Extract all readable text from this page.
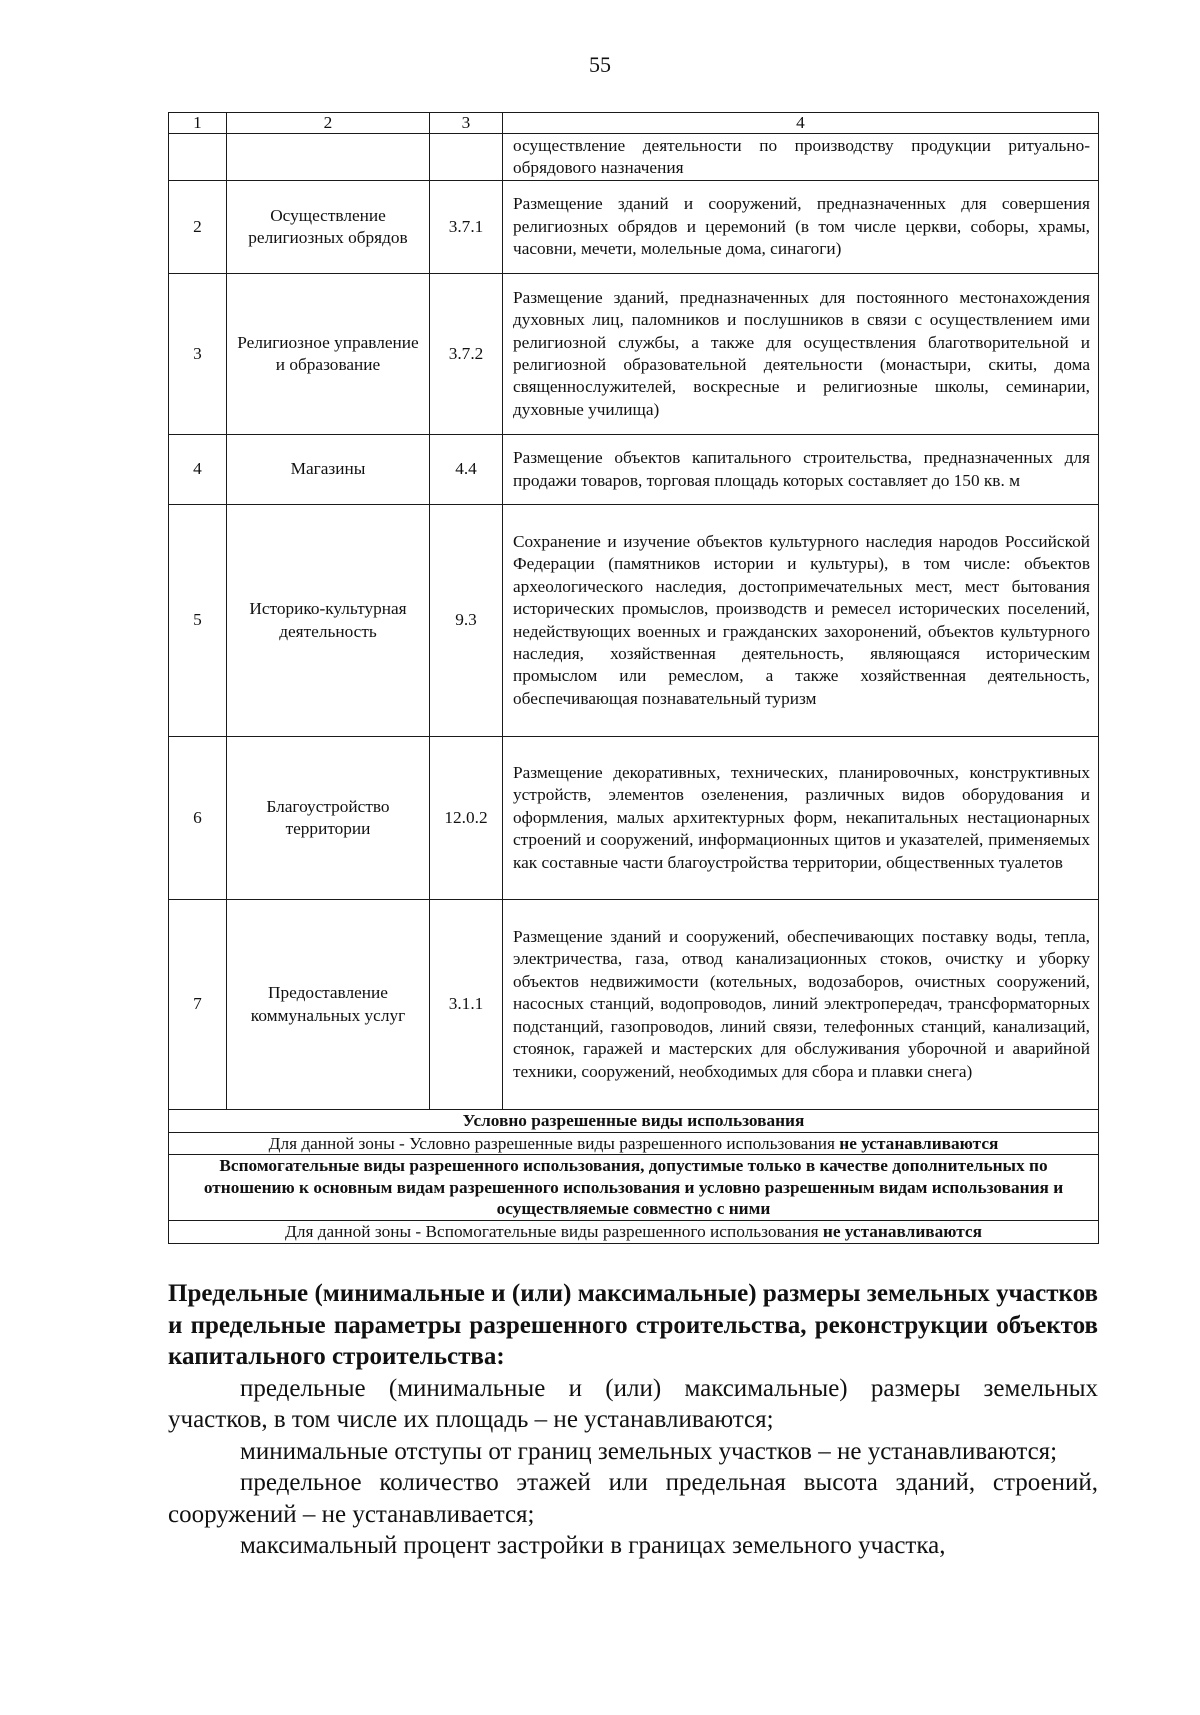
55
1	2	3	4
			осуществление деятельности по производству продукции ритуально-обрядового назначения
2	Осуществление религиозных обрядов	3.7.1	Размещение зданий и сооружений, предназначенных для совершения религиозных обрядов и церемоний (в том числе церкви, соборы, храмы, часовни, мечети, молельные дома, синагоги)
3	Религиозное управление и образование	3.7.2	Размещение зданий, предназначенных для постоянного местонахождения духовных лиц, паломников и послушников в связи с осуществлением ими религиозной службы, а также для осуществления благотворительной и религиозной образовательной деятельности (монастыри, скиты, дома священнослужителей, воскресные и религиозные школы, семинарии, духовные училища)
4	Магазины	4.4	Размещение объектов капитального строительства, предназначенных для продажи товаров, торговая площадь которых составляет до 150 кв. м
5	Историко-культурная деятельность	9.3	Сохранение и изучение объектов культурного наследия народов Российской Федерации (памятников истории и культуры), в том числе: объектов археологического наследия, достопримечательных мест, мест бытования исторических промыслов, производств и ремесел исторических поселений, недействующих военных и гражданских захоронений, объектов культурного наследия, хозяйственная деятельность, являющаяся историческим промыслом или ремеслом, а также хозяйственная деятельность, обеспечивающая познавательный туризм
6	Благоустройство территории	12.0.2	Размещение декоративных, технических, планировочных, конструктивных устройств, элементов озеленения, различных видов оборудования и оформления, малых архитектурных форм, некапитальных нестационарных строений и сооружений, информационных щитов и указателей, применяемых как составные части благоустройства территории, общественных туалетов
7	Предоставление коммунальных услуг	3.1.1	Размещение зданий и сооружений, обеспечивающих поставку воды, тепла, электричества, газа, отвод канализационных стоков, очистку и уборку объектов недвижимости (котельных, водозаборов, очистных сооружений, насосных станций, водопроводов, линий электропередач, трансформаторных подстанций, газопроводов, линий связи, телефонных станций, канализаций, стоянок, гаражей и мастерских для обслуживания уборочной и аварийной техники, сооружений, необходимых для сбора и плавки снега)
Условно разрешенные виды использования			
Для данной зоны - Условно разрешенные виды разрешенного использования не устанавливаются			
Вспомогательные виды разрешенного использования, допустимые только в качестве дополнительных по отношению к основным видам разрешенного использования и условно разрешенным видам использования и осуществляемые совместно с ними			
Для данной зоны - Вспомогательные виды разрешенного использования не устанавливаются			

Предельные (минимальные и (или) максимальные) размеры земельных участков и предельные параметры разрешенного строительства, реконструкции объектов капитального строительства:

предельные (минимальные и (или) максимальные) размеры земельных участков, в том числе их площадь – не устанавливаются;

минимальные отступы от границ земельных участков – не устанавливаются;

предельное количество этажей или предельная высота зданий, строений, сооружений – не устанавливается;

максимальный процент застройки в границах земельного участка,
